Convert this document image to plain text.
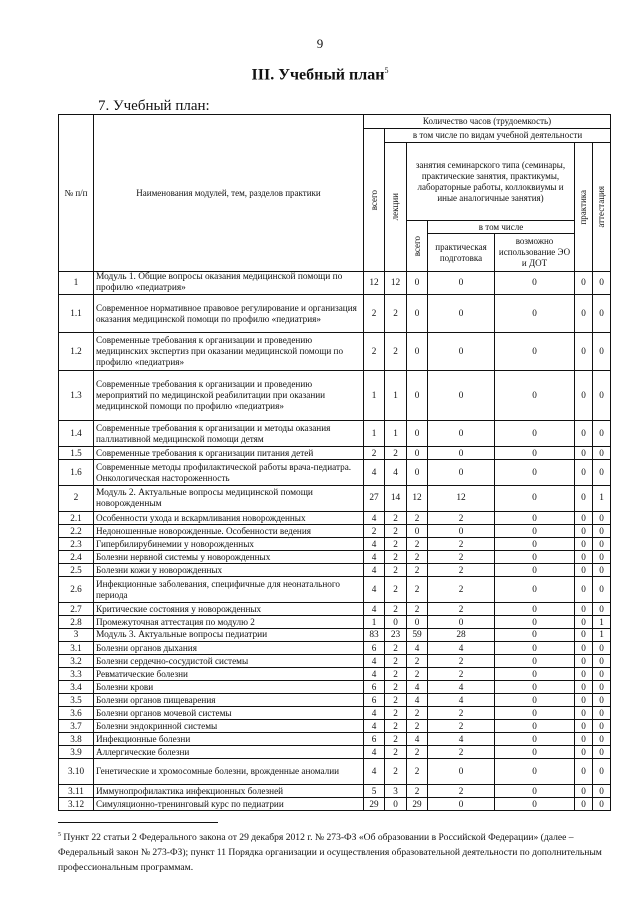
9
III. Учебный план$^5$
7. Учебный план:
№ п/п	Наименования модулей, тем, разделов практики	Количество часов (трудоемкость)						

		всего	в том числе по видам учебной деятельности					

			лекции	занятия семинарского типа (семинары, практические занятия, практикумы, лабораторные работы, коллоквиумы и иные аналогичные занятия)			практика	аттестация

				всего	в том числе			
					практическая подготовка	возможно использование ЭО и ДОТ		
1	Модуль 1. Общие вопросы оказания медицинской помощи по профилю «педиатрия»	12	12	0	0	0	0	0
1.1	Современное нормативное правовое регулирование и организация оказания медицинской помощи по профилю «педиатрия»	2	2	0	0	0	0	0
1.2	Современные требования к организации и проведению медицинских экспертиз при оказании медицинской помощи по профилю «педиатрия»	2	2	0	0	0	0	0
1.3	Современные требования к организации и проведению мероприятий по медицинской реабилитации при оказании медицинской помощи по профилю «педиатрия»	1	1	0	0	0	0	0
1.4	Современные требования к организации и методы оказания паллиативной медицинской помощи детям	1	1	0	0	0	0	0
1.5	Современные требования к организации питания детей	2	2	0	0	0	0	0
1.6	Современные методы профилактической работы врача-педиатра. Онкологическая настороженность	4	4	0	0	0	0	0
2	Модуль 2. Актуальные вопросы медицинской помощи новорожденным	27	14	12	12	0	0	1
2.1	Особенности ухода и вскармливания новорожденных	4	2	2	2	0	0	0
2.2	Недоношенные новорожденные. Особенности ведения	2	2	0	0	0	0	0
2.3	Гипербилирубинемии у новорожденных	4	2	2	2	0	0	0
2.4	Болезни нервной системы у новорожденных	4	2	2	2	0	0	0
2.5	Болезни кожи у новорожденных	4	2	2	2	0	0	0
2.6	Инфекционные заболевания, специфичные для неонатального периода	4	2	2	2	0	0	0
2.7	Критические состояния у новорожденных	4	2	2	2	0	0	0
2.8	Промежуточная аттестация по модулю 2	1	0	0	0	0	0	1
3	Модуль 3. Актуальные вопросы педиатрии	83	23	59	28	0	0	1
3.1	Болезни органов дыхания	6	2	4	4	0	0	0
3.2	Болезни сердечно-сосудистой системы	4	2	2	2	0	0	0
3.3	Ревматические болезни	4	2	2	2	0	0	0
3.4	Болезни крови	6	2	4	4	0	0	0
3.5	Болезни органов пищеварения	6	2	4	4	0	0	0
3.6	Болезни органов мочевой системы	4	2	2	2	0	0	0
3.7	Болезни эндокринной системы	4	2	2	2	0	0	0
3.8	Инфекционные болезни	6	2	4	4	0	0	0
3.9	Аллергические болезни	4	2	2	2	0	0	0
3.10	Генетические и хромосомные болезни, врожденные аномалии	4	2	2	0	0	0	0
3.11	Иммунопрофилактика инфекционных болезней	5	3	2	2	0	0	0
3.12	Симуляционно-тренинговый курс по педиатрии	29	0	29	0	0	0	0
$^5$ Пункт 22 статьи 2 Федерального закона от 29 декабря 2012 г. № 273-ФЗ «Об образовании в Российской Федерации» (далее – Федеральный закон № 273-ФЗ); пункт 11 Порядка организации и осуществления образовательной деятельности по дополнительным профессиональным программам.
